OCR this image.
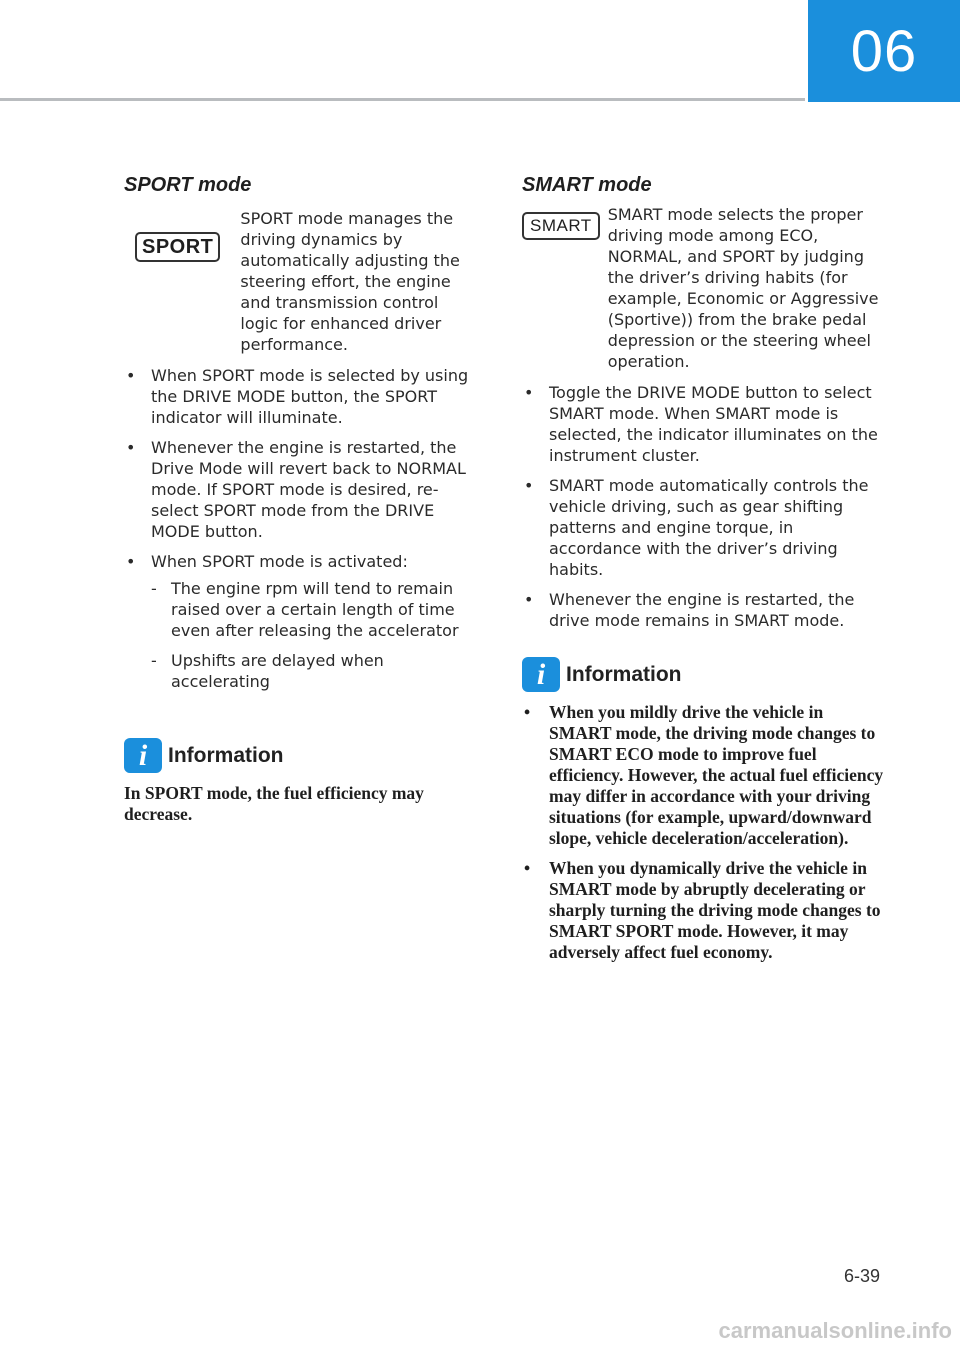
06
SPORT mode
SPORT
SPORT mode manages the driving dynamics by automatically adjusting the steering effort, the engine and transmission control logic for enhanced driver performance.
• When SPORT mode is selected by using the DRIVE MODE button, the SPORT indicator will illuminate.
• Whenever the engine is restarted, the Drive Mode will revert back to NORMAL mode. If SPORT mode is desired, re-select SPORT mode from the DRIVE MODE button.
• When SPORT mode is activated:
- The engine rpm will tend to remain raised over a certain length of time even after releasing the accelerator
- Upshifts are delayed when accelerating
i Information
In SPORT mode, the fuel efficiency may decrease.
SMART mode
SMART
SMART mode selects the proper driving mode among ECO, NORMAL, and SPORT by judging the driver’s driving habits (for example, Economic or Aggressive (Sportive)) from the brake pedal depression or the steering wheel operation.
• Toggle the DRIVE MODE button to select SMART mode. When SMART mode is selected, the indicator illuminates on the instrument cluster.
• SMART mode automatically controls the vehicle driving, such as gear shifting patterns and engine torque, in accordance with the driver’s driving habits.
• Whenever the engine is restarted, the drive mode remains in SMART mode.
i Information
• When you mildly drive the vehicle in SMART mode, the driving mode changes to SMART ECO mode to improve fuel efficiency. However, the actual fuel efficiency may differ in accordance with your driving situations (for example, upward/downward slope, vehicle deceleration/acceleration).
• When you dynamically drive the vehicle in SMART mode by abruptly decelerating or sharply turning the driving mode changes to SMART SPORT mode. However, it may adversely affect fuel economy.
6-39
carmanualsonline.info
